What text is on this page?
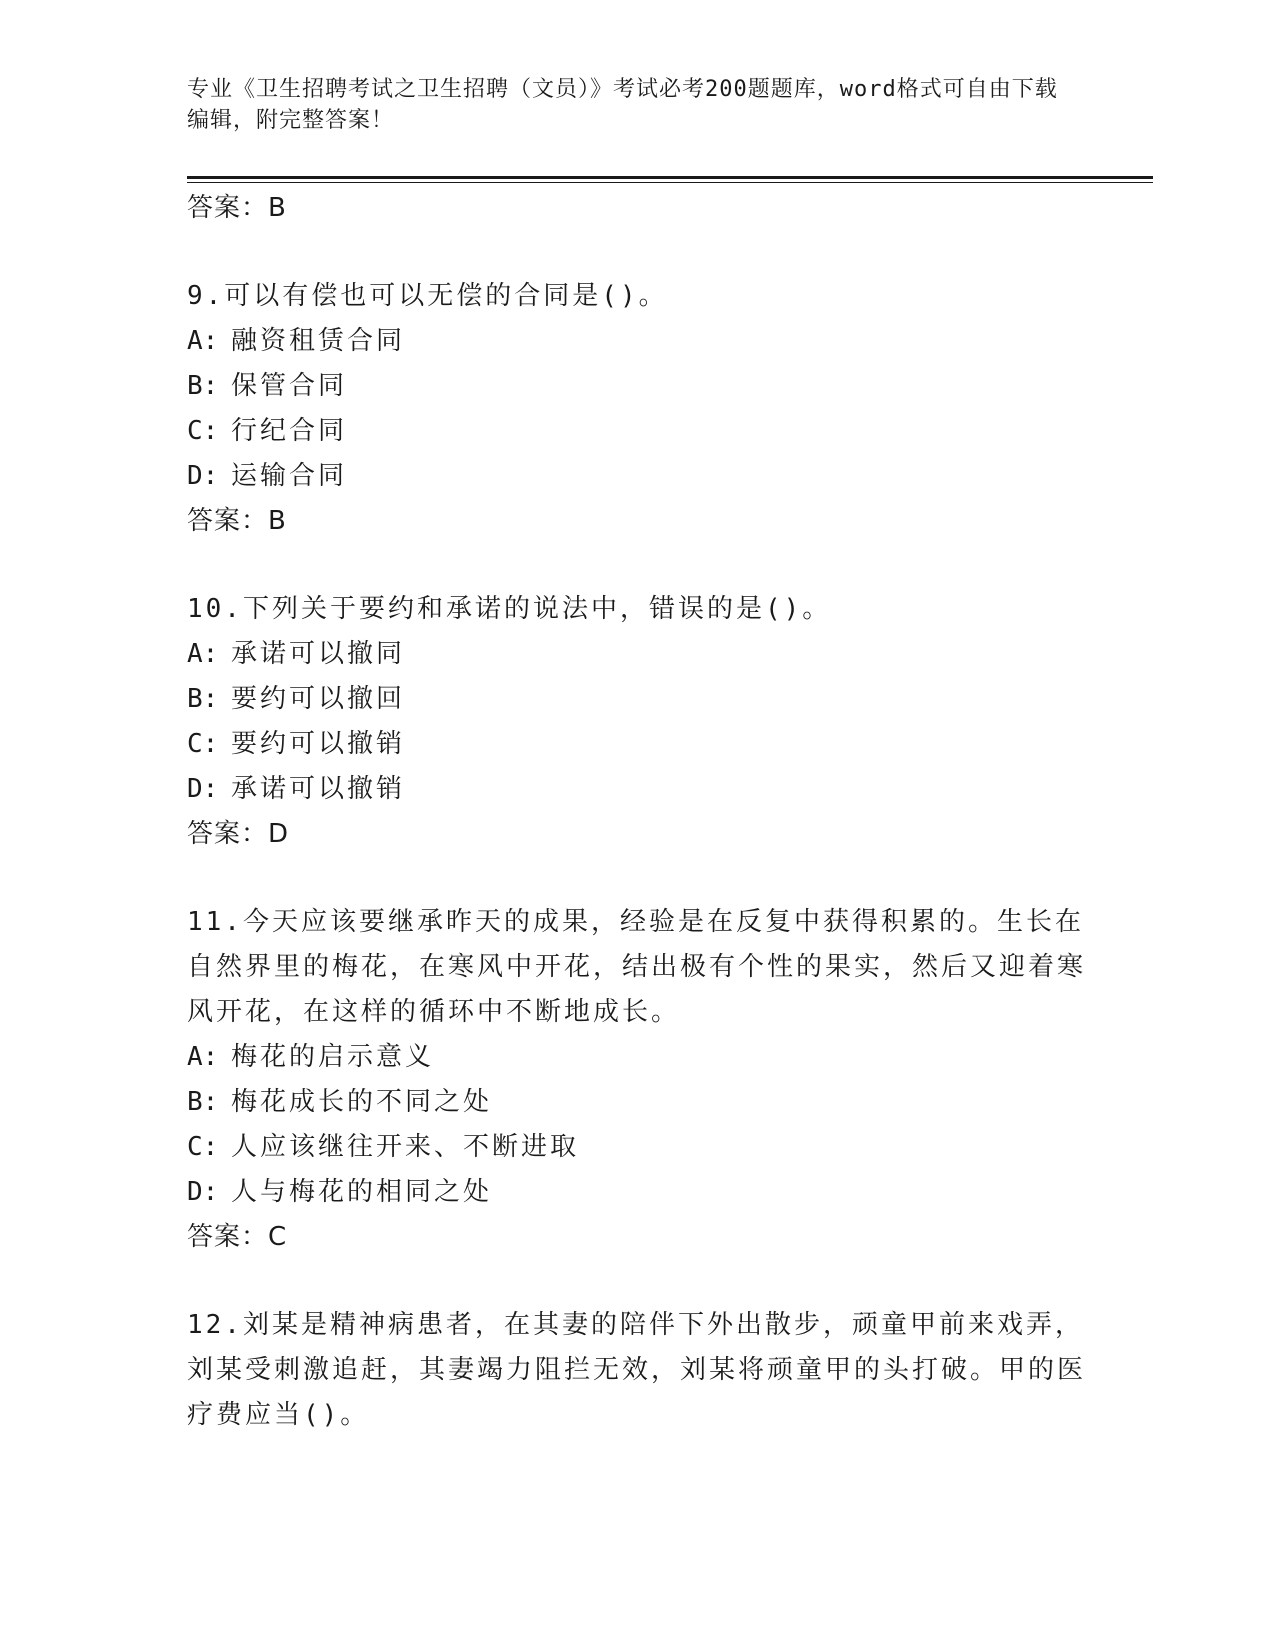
专业《卫生招聘考试之卫生招聘（文员）》考试必考200题题库，word格式可自由下载编辑，附完整答案！

答案：B

9.可以有偿也可以无偿的合同是()。

A: 融资租赁合同
B: 保管合同
C: 行纪合同
D: 运输合同
答案：B

10.下列关于要约和承诺的说法中，错误的是()。

A: 承诺可以撤同
B: 要约可以撤回
C: 要约可以撤销
D: 承诺可以撤销
答案：D

11.今天应该要继承昨天的成果，经验是在反复中获得积累的。生长在自然界里的梅花，在寒风中开花，结出极有个性的果实，然后又迎着寒风开花，在这样的循环中不断地成长。

A: 梅花的启示意义
B: 梅花成长的不同之处
C: 人应该继往开来、不断进取
D: 人与梅花的相同之处
答案：C

12.刘某是精神病患者，在其妻的陪伴下外出散步，顽童甲前来戏弄，刘某受刺激追赶，其妻竭力阻拦无效，刘某将顽童甲的头打破。甲的医疗费应当()。
